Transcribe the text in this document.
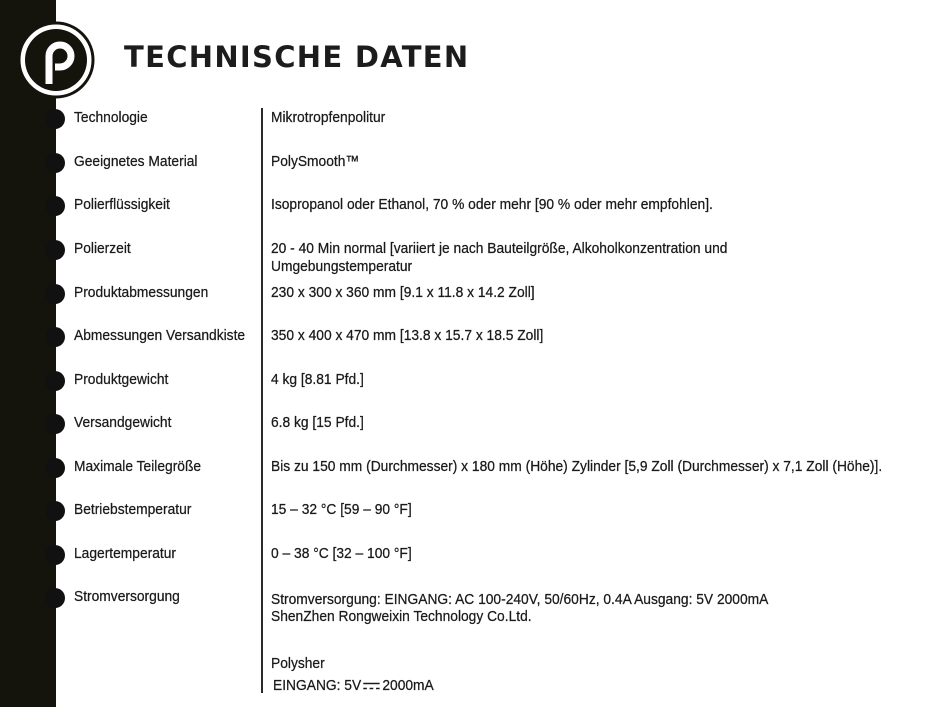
TECHNISCHE DATEN
Technologie	Mikrotropfenpolitur
Geeignetes Material	PolySmooth™
Polierflüssigkeit	Isopropanol oder Ethanol, 70 % oder mehr [90 % oder mehr empfohlen].
Polierzeit	20 - 40 Min normal [variiert je nach Bauteilgröße, Alkoholkonzentration und
Umgebungstemperatur
Produktabmessungen	230 x 300 x 360 mm [9.1 x 11.8 x 14.2 Zoll]
Abmessungen Versandkiste 350 x 400 x 470 mm [13.8 x 15.7 x 18.5 Zoll]
Produktgewicht	4 kg [8.81 Pfd.]
Versandgewicht	6.8 kg [15 Pfd.]
Maximale Teilegröße	Bis zu 150 mm (Durchmesser) x 180 mm (Höhe) Zylinder [5,9 Zoll (Durchmesser) x 7,1 Zoll (Höhe)].
Betriebstemperatur	15 – 32 °C [59 – 90 °F]
Lagertemperatur	0 – 38 °C [32 – 100 °F]
Stromversorgung	Stromversorgung: EINGANG: AC 100-240V, 50/60Hz, 0.4A Ausgang: 5V 2000mA
ShenZhen Rongweixin Technology Co.Ltd.
Polysher
EINGANG: 5V 2000mA
